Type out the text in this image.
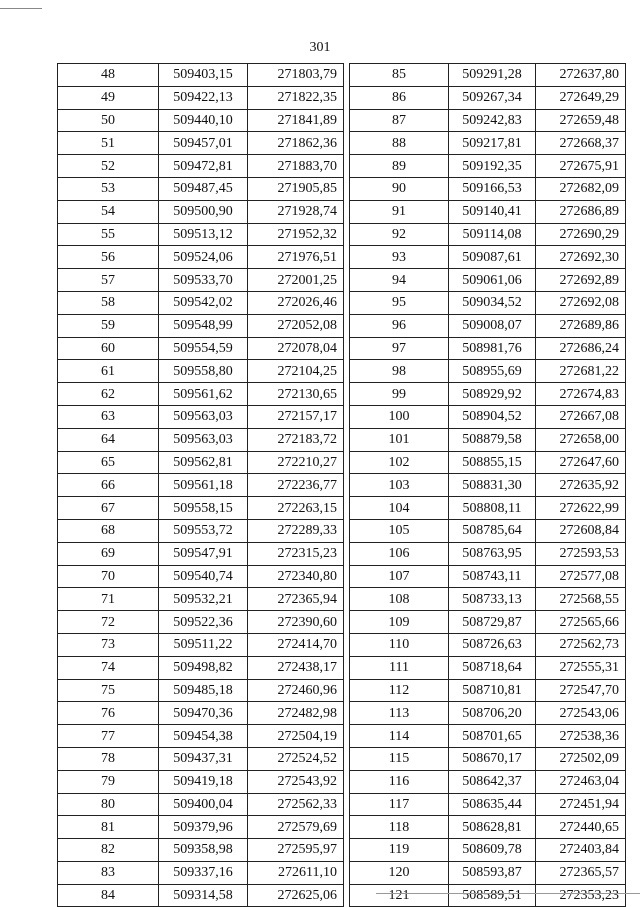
301
48	509403,15	271803,79
49	509422,13	271822,35
50	509440,10	271841,89
51	509457,01	271862,36
52	509472,81	271883,70
53	509487,45	271905,85
54	509500,90	271928,74
55	509513,12	271952,32
56	509524,06	271976,51
57	509533,70	272001,25
58	509542,02	272026,46
59	509548,99	272052,08
60	509554,59	272078,04
61	509558,80	272104,25
62	509561,62	272130,65
63	509563,03	272157,17
64	509563,03	272183,72
65	509562,81	272210,27
66	509561,18	272236,77
67	509558,15	272263,15
68	509553,72	272289,33
69	509547,91	272315,23
70	509540,74	272340,80
71	509532,21	272365,94
72	509522,36	272390,60
73	509511,22	272414,70
74	509498,82	272438,17
75	509485,18	272460,96
76	509470,36	272482,98
77	509454,38	272504,19
78	509437,31	272524,52
79	509419,18	272543,92
80	509400,04	272562,33
81	509379,96	272579,69
82	509358,98	272595,97
83	509337,16	272611,10
84	509314,58	272625,06
85	509291,28	272637,80
86	509267,34	272649,29
87	509242,83	272659,48
88	509217,81	272668,37
89	509192,35	272675,91
90	509166,53	272682,09
91	509140,41	272686,89
92	509114,08	272690,29
93	509087,61	272692,30
94	509061,06	272692,89
95	509034,52	272692,08
96	509008,07	272689,86
97	508981,76	272686,24
98	508955,69	272681,22
99	508929,92	272674,83
100	508904,52	272667,08
101	508879,58	272658,00
102	508855,15	272647,60
103	508831,30	272635,92
104	508808,11	272622,99
105	508785,64	272608,84
106	508763,95	272593,53
107	508743,11	272577,08
108	508733,13	272568,55
109	508729,87	272565,66
110	508726,63	272562,73
111	508718,64	272555,31
112	508710,81	272547,70
113	508706,20	272543,06
114	508701,65	272538,36
115	508670,17	272502,09
116	508642,37	272463,04
117	508635,44	272451,94
118	508628,81	272440,65
119	508609,78	272403,84
120	508593,87	272365,57
121	508589,51	272353,23
